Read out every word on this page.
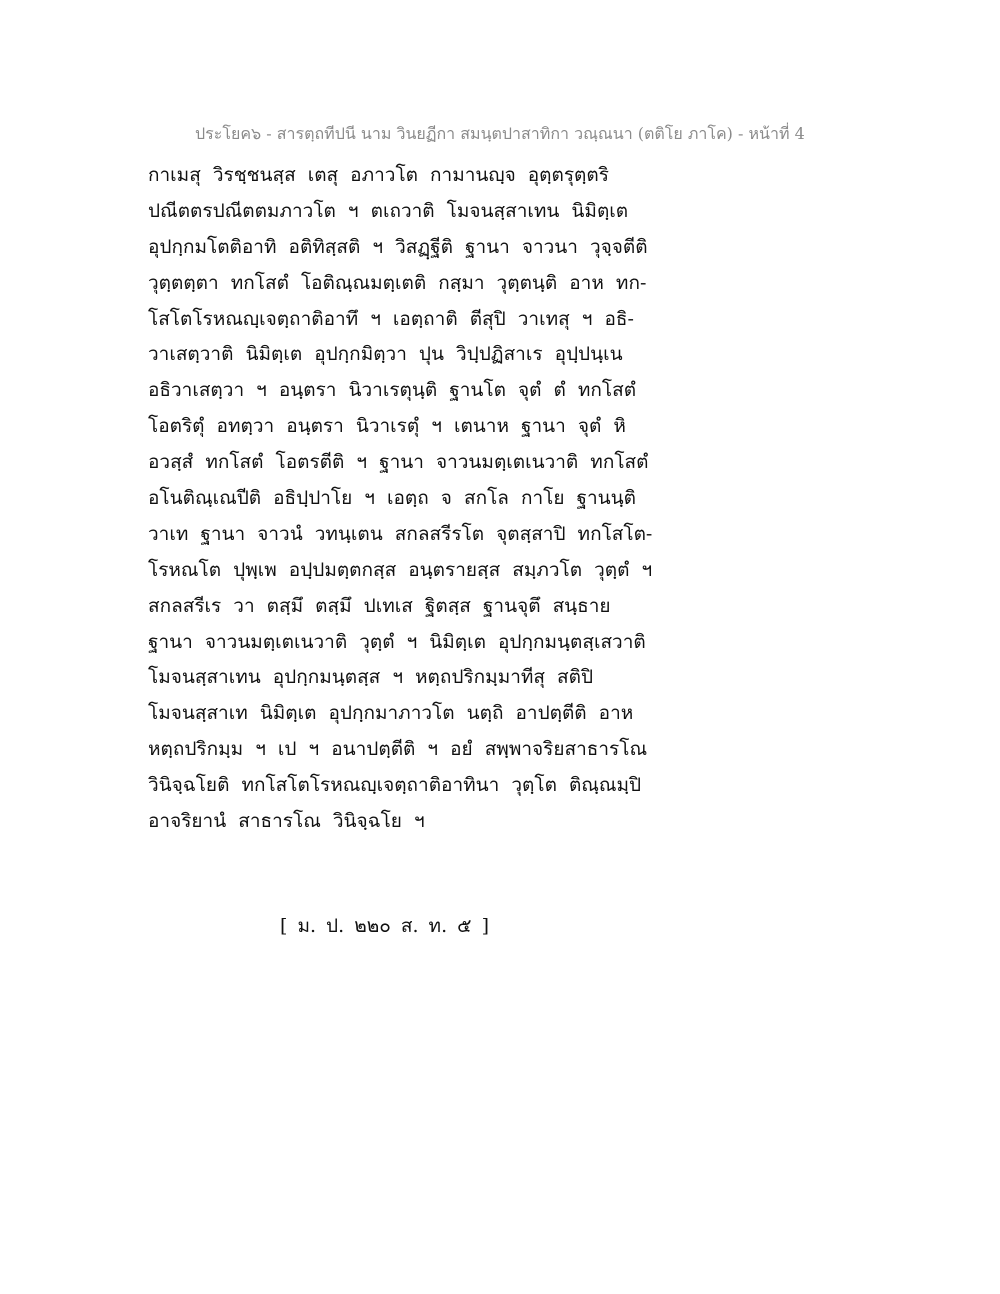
ประโยค๖ - สารตฺถทีปนี นาม วินยฏีกา สมนฺตปาสาทิกา วณฺณนา (ตติโย ภาโค) - หน้าที่ 4
กาเมสุ วิรชฺชนสฺส เตสุ อภาวโต กามานญฺจ อุตฺตรุตฺตริ
ปณีตตรปณีตตมภาวโต ฯ ตเถวาติ โมจนสฺสาเทน นิมิตฺเต
อุปกฺกมโตติอาทิ อติทิสฺสติ ฯ วิสฏฺฐีติ ฐานา จาวนา วุจฺจตีติ
วุตฺตตฺตา ทกโสตํ โอติณฺณมตฺเตติ กสฺมา วุตฺตนฺติ อาห ทก-
โสโตโรหณญฺเจตฺถาติอาทึ ฯ เอตฺถาติ ตีสุปิ วาเทสุ ฯ อธิ-
วาเสตฺวาติ นิมิตฺเต อุปกฺกมิตฺวา ปุน วิปฺปฏิสาเร อุปฺปนฺเน
อธิวาเสตฺวา ฯ อนฺตรา นิวาเรตุนฺติ ฐานโต จุตํ ตํ ทกโสตํ
โอตริตุํ อทตฺวา อนฺตรา นิวาเรตุํ ฯ เตนาห ฐานา จุตํ หิ
อวสฺสํ ทกโสตํ โอตรตีติ ฯ ฐานา จาวนมตฺเตเนวาติ ทกโสตํ
อโนติณฺเณปีติ อธิปฺปาโย ฯ เอตฺถ จ สกโล กาโย ฐานนฺติ
วาเท ฐานา จาวนํ วทนฺเตน สกลสรีรโต จุตสฺสาปิ ทกโสโต-
โรหณโต ปุพฺเพ อปฺปมตฺตกสฺส อนฺตรายสฺส สมฺภวโต วุตฺตํ ฯ
สกลสรีเร วา ตสฺมึ ตสฺมึ ปเทเส ฐิตสฺส ฐานจุตึ สนฺธาย
ฐานา จาวนมตฺเตเนวาติ วุตฺตํ ฯ นิมิตฺเต อุปกฺกมนฺตสฺเสวาติ
โมจนสฺสาเทน อุปกฺกมนฺตสฺส ฯ หตฺถปริกมฺมาทีสุ สติปิ
โมจนสฺสาเท นิมิตฺเต อุปกฺกมาภาวโต นตฺถิ อาปตฺตีติ อาห
หตฺถปริกมฺม ฯ เป ฯ อนาปตฺตีติ ฯ อยํ สพฺพาจริยสาธารโณ
วินิจฺฉโยติ ทกโสโตโรหณญฺเจตฺถาติอาทินา วุตฺโต ติณฺณมฺปิ
อาจริยานํ สาธารโณ วินิจฺฉโย ฯ
[ ม. ป. ๒๒๐ ส. ท. ๕ ]
